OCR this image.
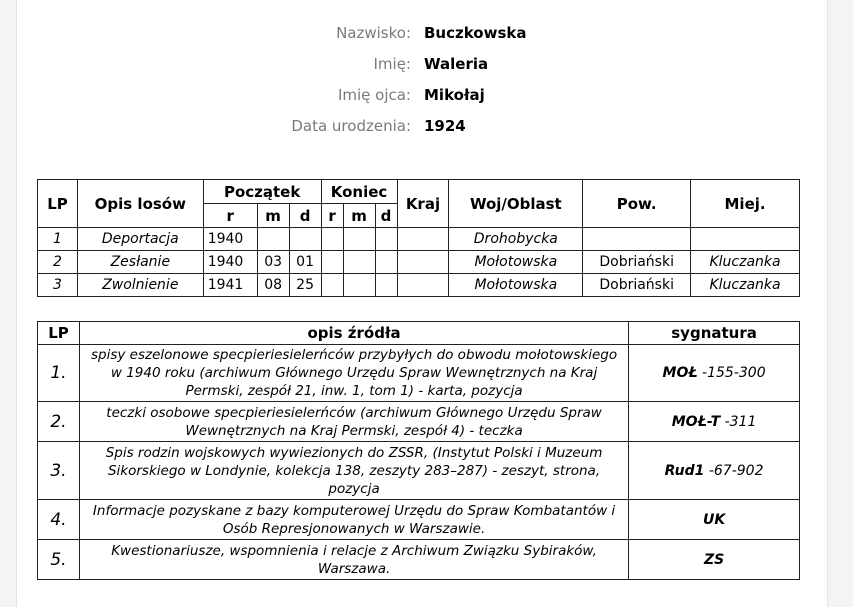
Nazwisko: Buczkowska
Imię: Waleria
Imię ojca: Mikołaj
Data urodzenia: 1924
LP	Opis losów	Początek			Koniec			Kraj	Woj/Oblast	Pow.	Miej.
		r	m	d	r	m	d				
1	Deportacja	1940							Drohobycka		
2	Zesłanie	1940	03	01					Mołotowska	Dobriański	Kluczanka
3	Zwolnienie	1941	08	25					Mołotowska	Dobriański	Kluczanka
LP	opis źródła	sygnatura
1.	spisy eszelonowe specpieriesielerńców przybyłych do obwodu mołotowskiego w 1940 roku (archiwum Głównego Urzędu Spraw Wewnętrznych na Kraj Permski, zespół 21, inw. 1, tom 1) - karta, pozycja	MOŁ -155-300
2.	teczki osobowe specpieriesielerńców (archiwum Głównego Urzędu Spraw Wewnętrznych na Kraj Permski, zespół 4) - teczka	MOŁ-T -311
3.	Spis rodzin wojskowych wywiezionych do ZSSR, (Instytut Polski i Muzeum Sikorskiego w Londynie, kolekcja 138, zeszyty 283–287) - zeszyt, strona, pozycja	Rud1 -67-902
4.	Informacje pozyskane z bazy komputerowej Urzędu do Spraw Kombatantów i Osób Represjonowanych w Warszawie.	UK
5.	Kwestionariusze, wspomnienia i relacje z Archiwum Związku Sybiraków, Warszawa.	ZS
